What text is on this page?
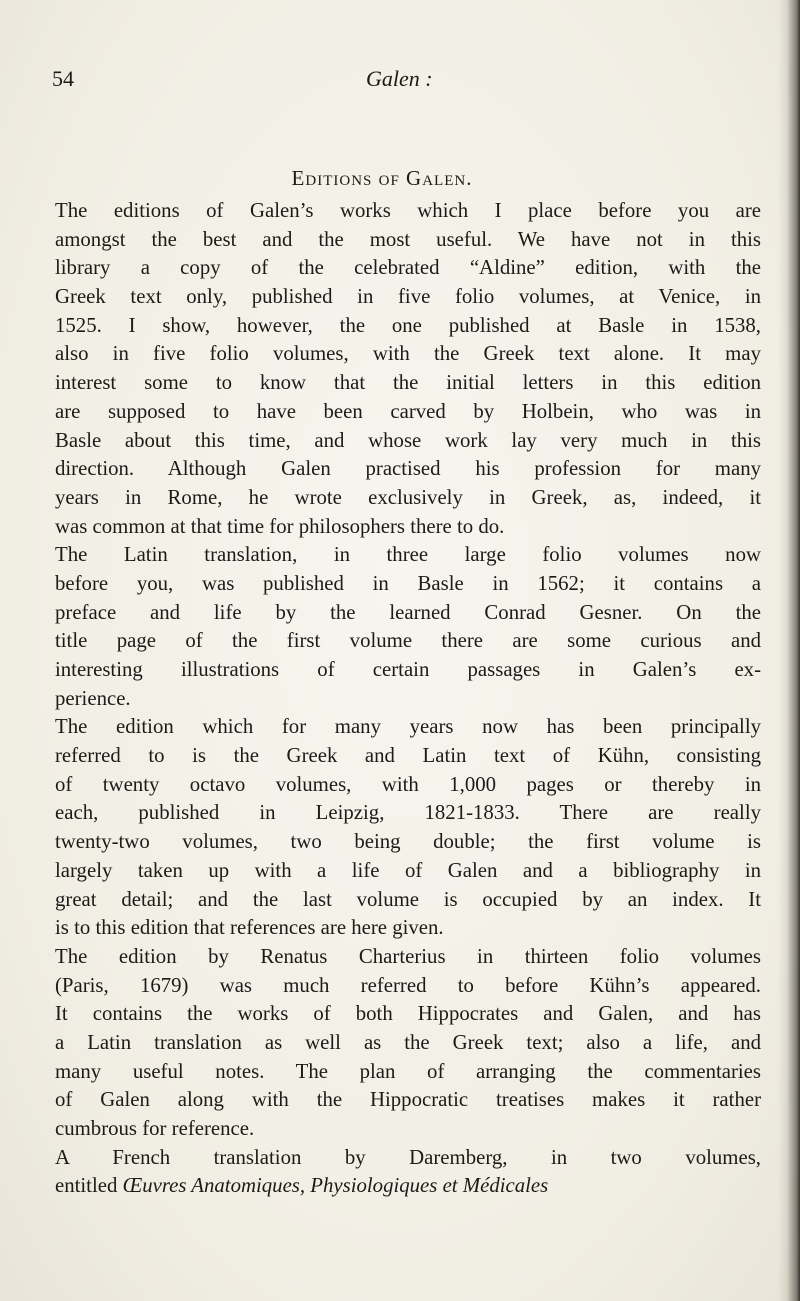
54	Galen :
Editions of Galen.
The editions of Galen’s works which I place before you are
amongst the best and the most useful. We have not in this
library a copy of the celebrated “Aldine” edition, with the
Greek text only, published in five folio volumes, at Venice, in
1525. I show, however, the one published at Basle in 1538,
also in five folio volumes, with the Greek text alone. It may
interest some to know that the initial letters in this edition
are supposed to have been carved by Holbein, who was in
Basle about this time, and whose work lay very much in this
direction. Although Galen practised his profession for many
years in Rome, he wrote exclusively in Greek, as, indeed, it
was common at that time for philosophers there to do.
The Latin translation, in three large folio volumes now
before you, was published in Basle in 1562; it contains a
preface and life by the learned Conrad Gesner. On the
title page of the first volume there are some curious and
interesting illustrations of certain passages in Galen’s ex-
perience.
The edition which for many years now has been principally
referred to is the Greek and Latin text of Kühn, consisting
of twenty octavo volumes, with 1,000 pages or thereby in
each, published in Leipzig, 1821-1833. There are really
twenty-two volumes, two being double; the first volume is
largely taken up with a life of Galen and a bibliography in
great detail; and the last volume is occupied by an index. It
is to this edition that references are here given.
The edition by Renatus Charterius in thirteen folio volumes
(Paris, 1679) was much referred to before Kühn’s appeared.
It contains the works of both Hippocrates and Galen, and has
a Latin translation as well as the Greek text; also a life, and
many useful notes. The plan of arranging the commentaries
of Galen along with the Hippocratic treatises makes it rather
cumbrous for reference.
A French translation by Daremberg, in two volumes,
entitled Œuvres Anatomiques, Physiologiques et Médicales
